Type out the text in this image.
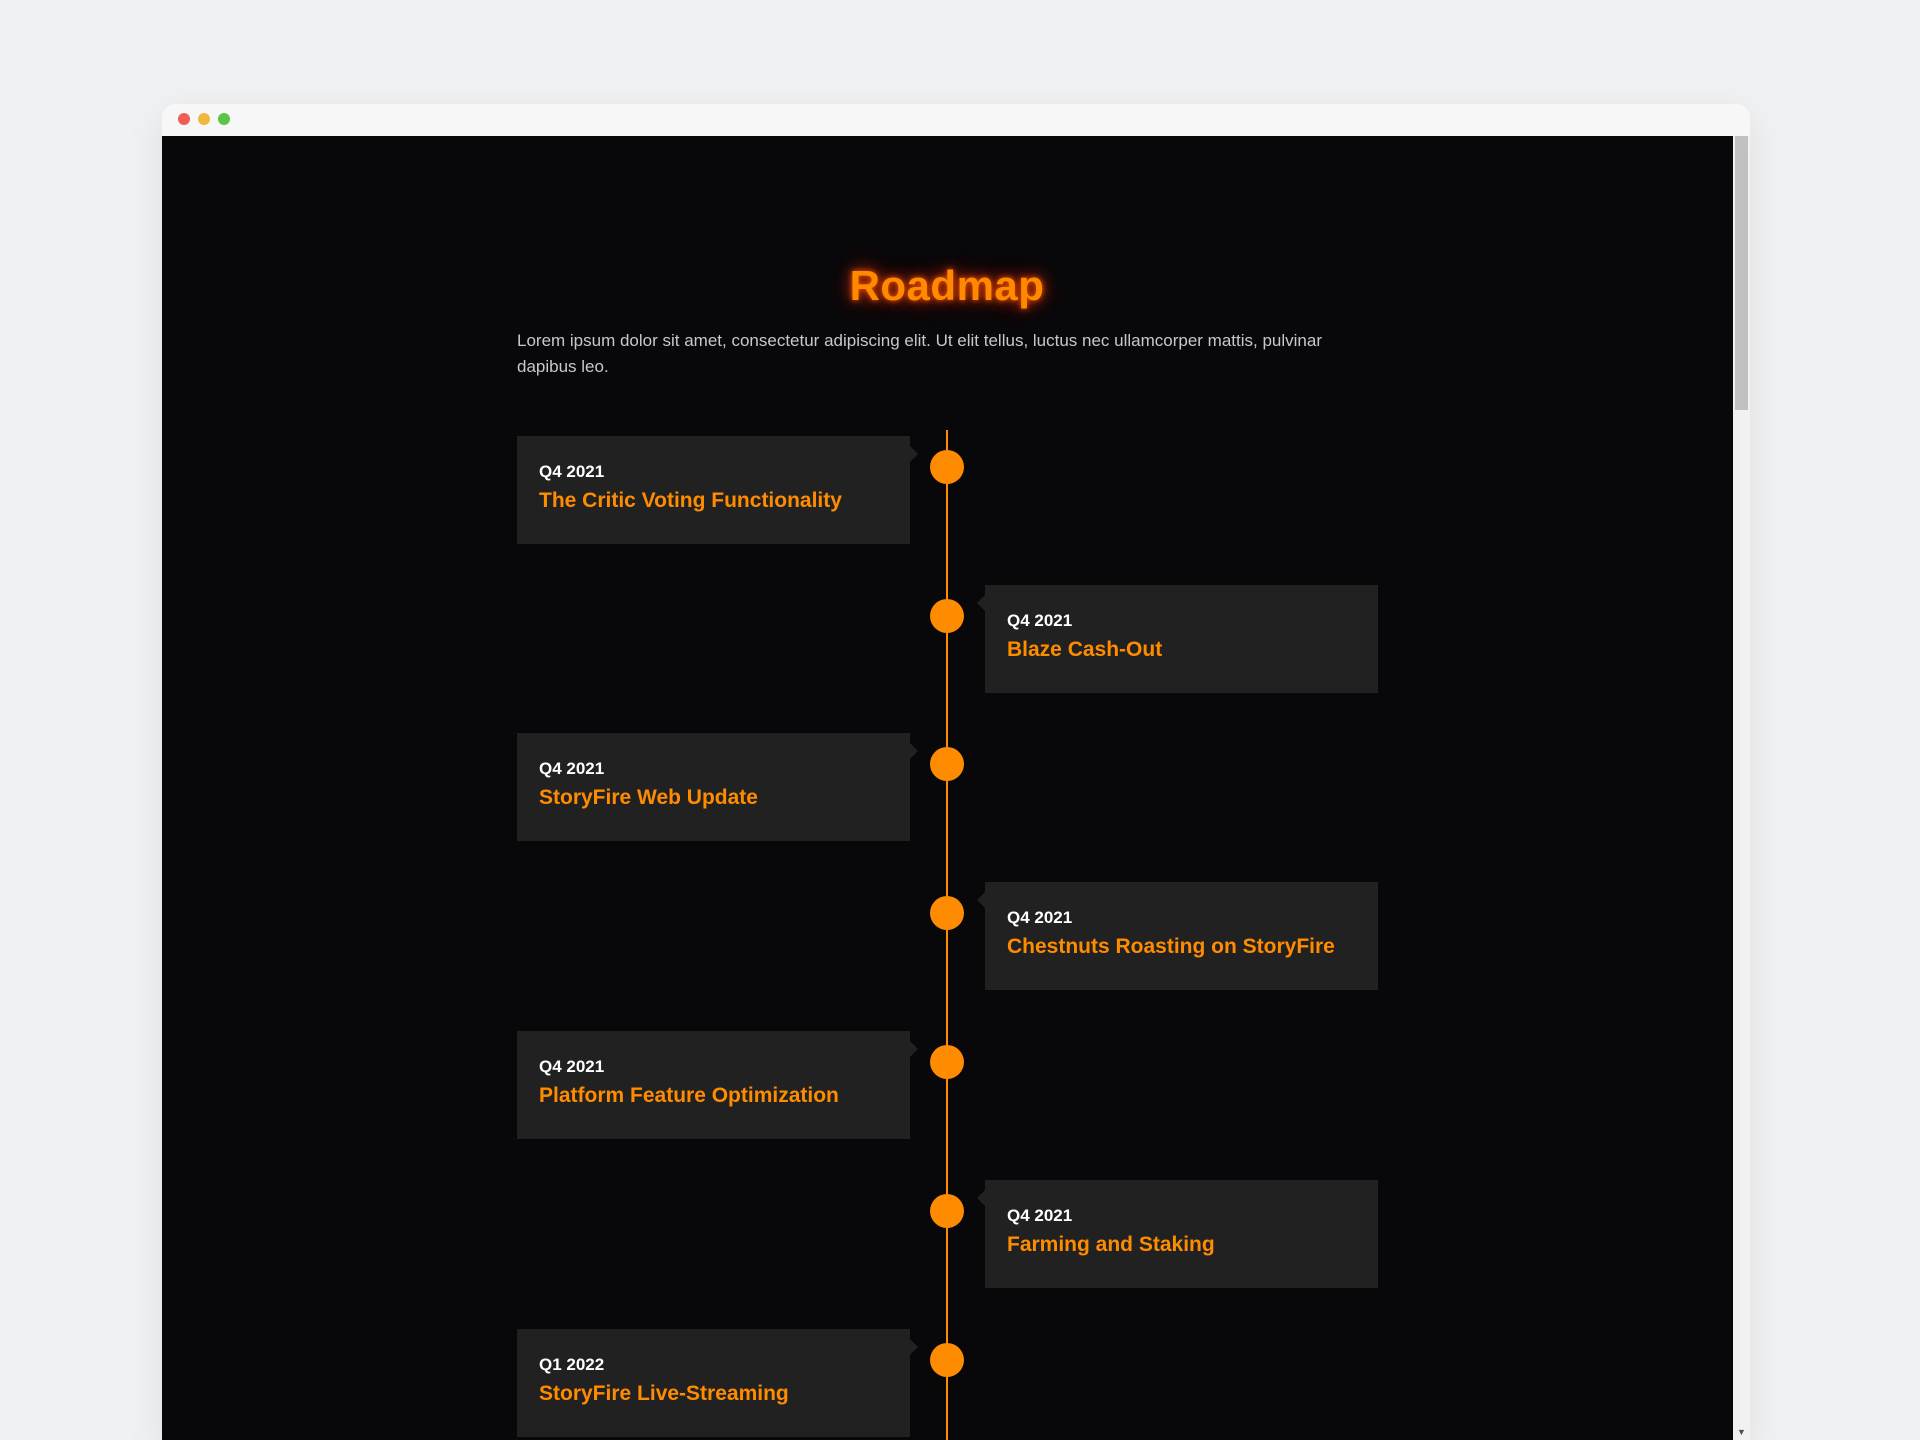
Roadmap

Lorem ipsum dolor sit amet, consectetur adipiscing elit. Ut elit tellus, luctus nec ullamcorper mattis, pulvinar dapibus leo.

Q4 2021
The Critic Voting Functionality
Q4 2021
Blaze Cash-Out
Q4 2021
StoryFire Web Update
Q4 2021
Chestnuts Roasting on StoryFire
Q4 2021
Platform Feature Optimization
Q4 2021
Farming and Staking
Q1 2022
StoryFire Live-Streaming
▼
